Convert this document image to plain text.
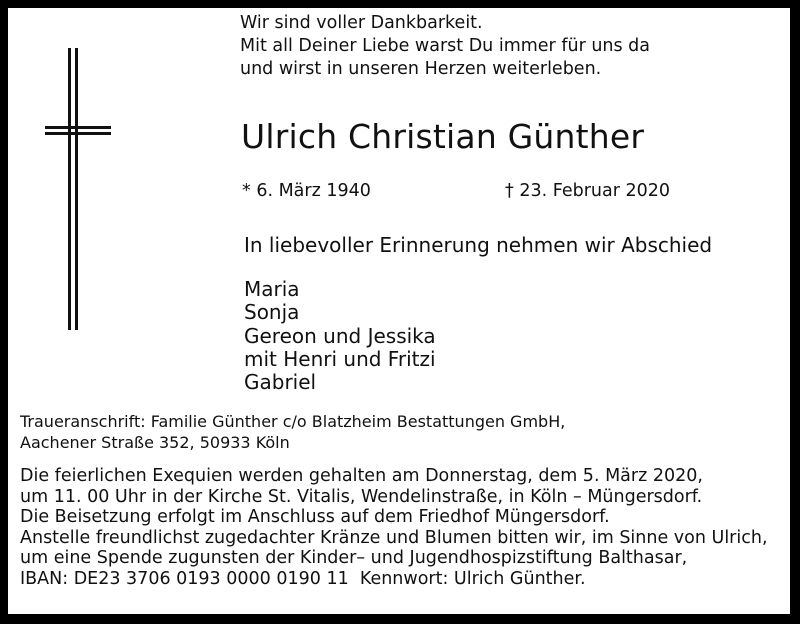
Wir sind voller Dankbarkeit.
Mit all Deiner Liebe warst Du immer für uns da
und wirst in unseren Herzen weiterleben.
Ulrich Christian Günther
* 6. März 1940	† 23. Februar 2020
In liebevoller Erinnerung nehmen wir Abschied
Maria
Sonja
Gereon und Jessika
mit Henri und Fritzi
Gabriel
Traueranschrift: Familie Günther c/o Blatzheim Bestattungen GmbH,
Aachener Straße 352, 50933 Köln
Die feierlichen Exequien werden gehalten am Donnerstag, dem 5. März 2020,
um 11. 00 Uhr in der Kirche St. Vitalis, Wendelinstraße, in Köln – Müngersdorf.
Die Beisetzung erfolgt im Anschluss auf dem Friedhof Müngersdorf.
Anstelle freundlichst zugedachter Kränze und Blumen bitten wir, im Sinne von Ulrich,
um eine Spende zugunsten der Kinder– und Jugendhospizstiftung Balthasar,
IBAN: DE23 3706 0193 0000 0190 11  Kennwort: Ulrich Günther.
